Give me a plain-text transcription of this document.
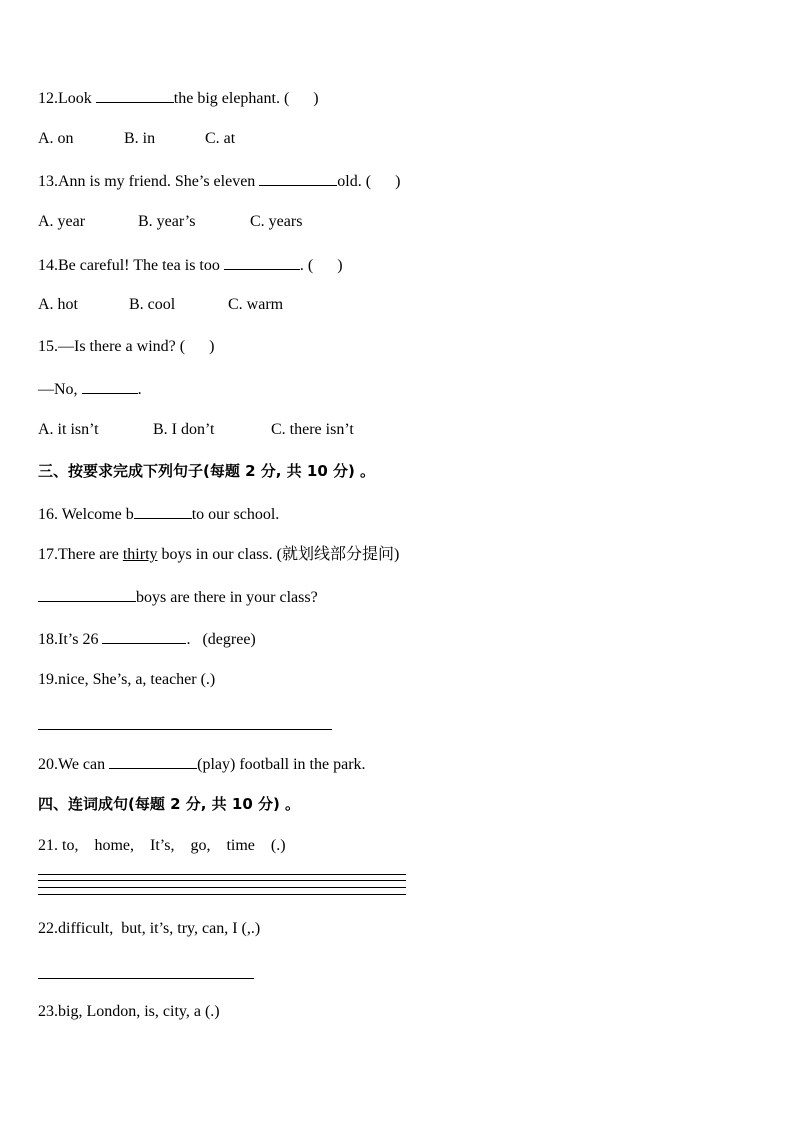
12.Look	the big elephant. (      )
A. on	B. in	C. at
13.Ann is my friend. She’s eleven	old. (      )
A. year	B. year’s	C. years
14.Be careful! The tea is too	. (      )
A. hot	B. cool	C. warm
15.—Is there a wind? (      )
—No,	.
A. it isn’t	B. I don’t	C. there isn’t
三、按要求完成下列句子(每题 2 分, 共 10 分) 。
16. Welcome b	to our school.
17.There are thirty boys in our class. (就划线部分提问)
boys are there in your class?
18.It’s 26	.   (degree)
19.nice, She’s, a, teacher (.)
20.We can	(play) football in the park.
四、连词成句(每题 2 分, 共 10 分) 。
21. to,    home,    It’s,    go,    time    (.)
22.difficult,  but, it’s, try, can, I (,.)
23.big, London, is, city, a (.)
